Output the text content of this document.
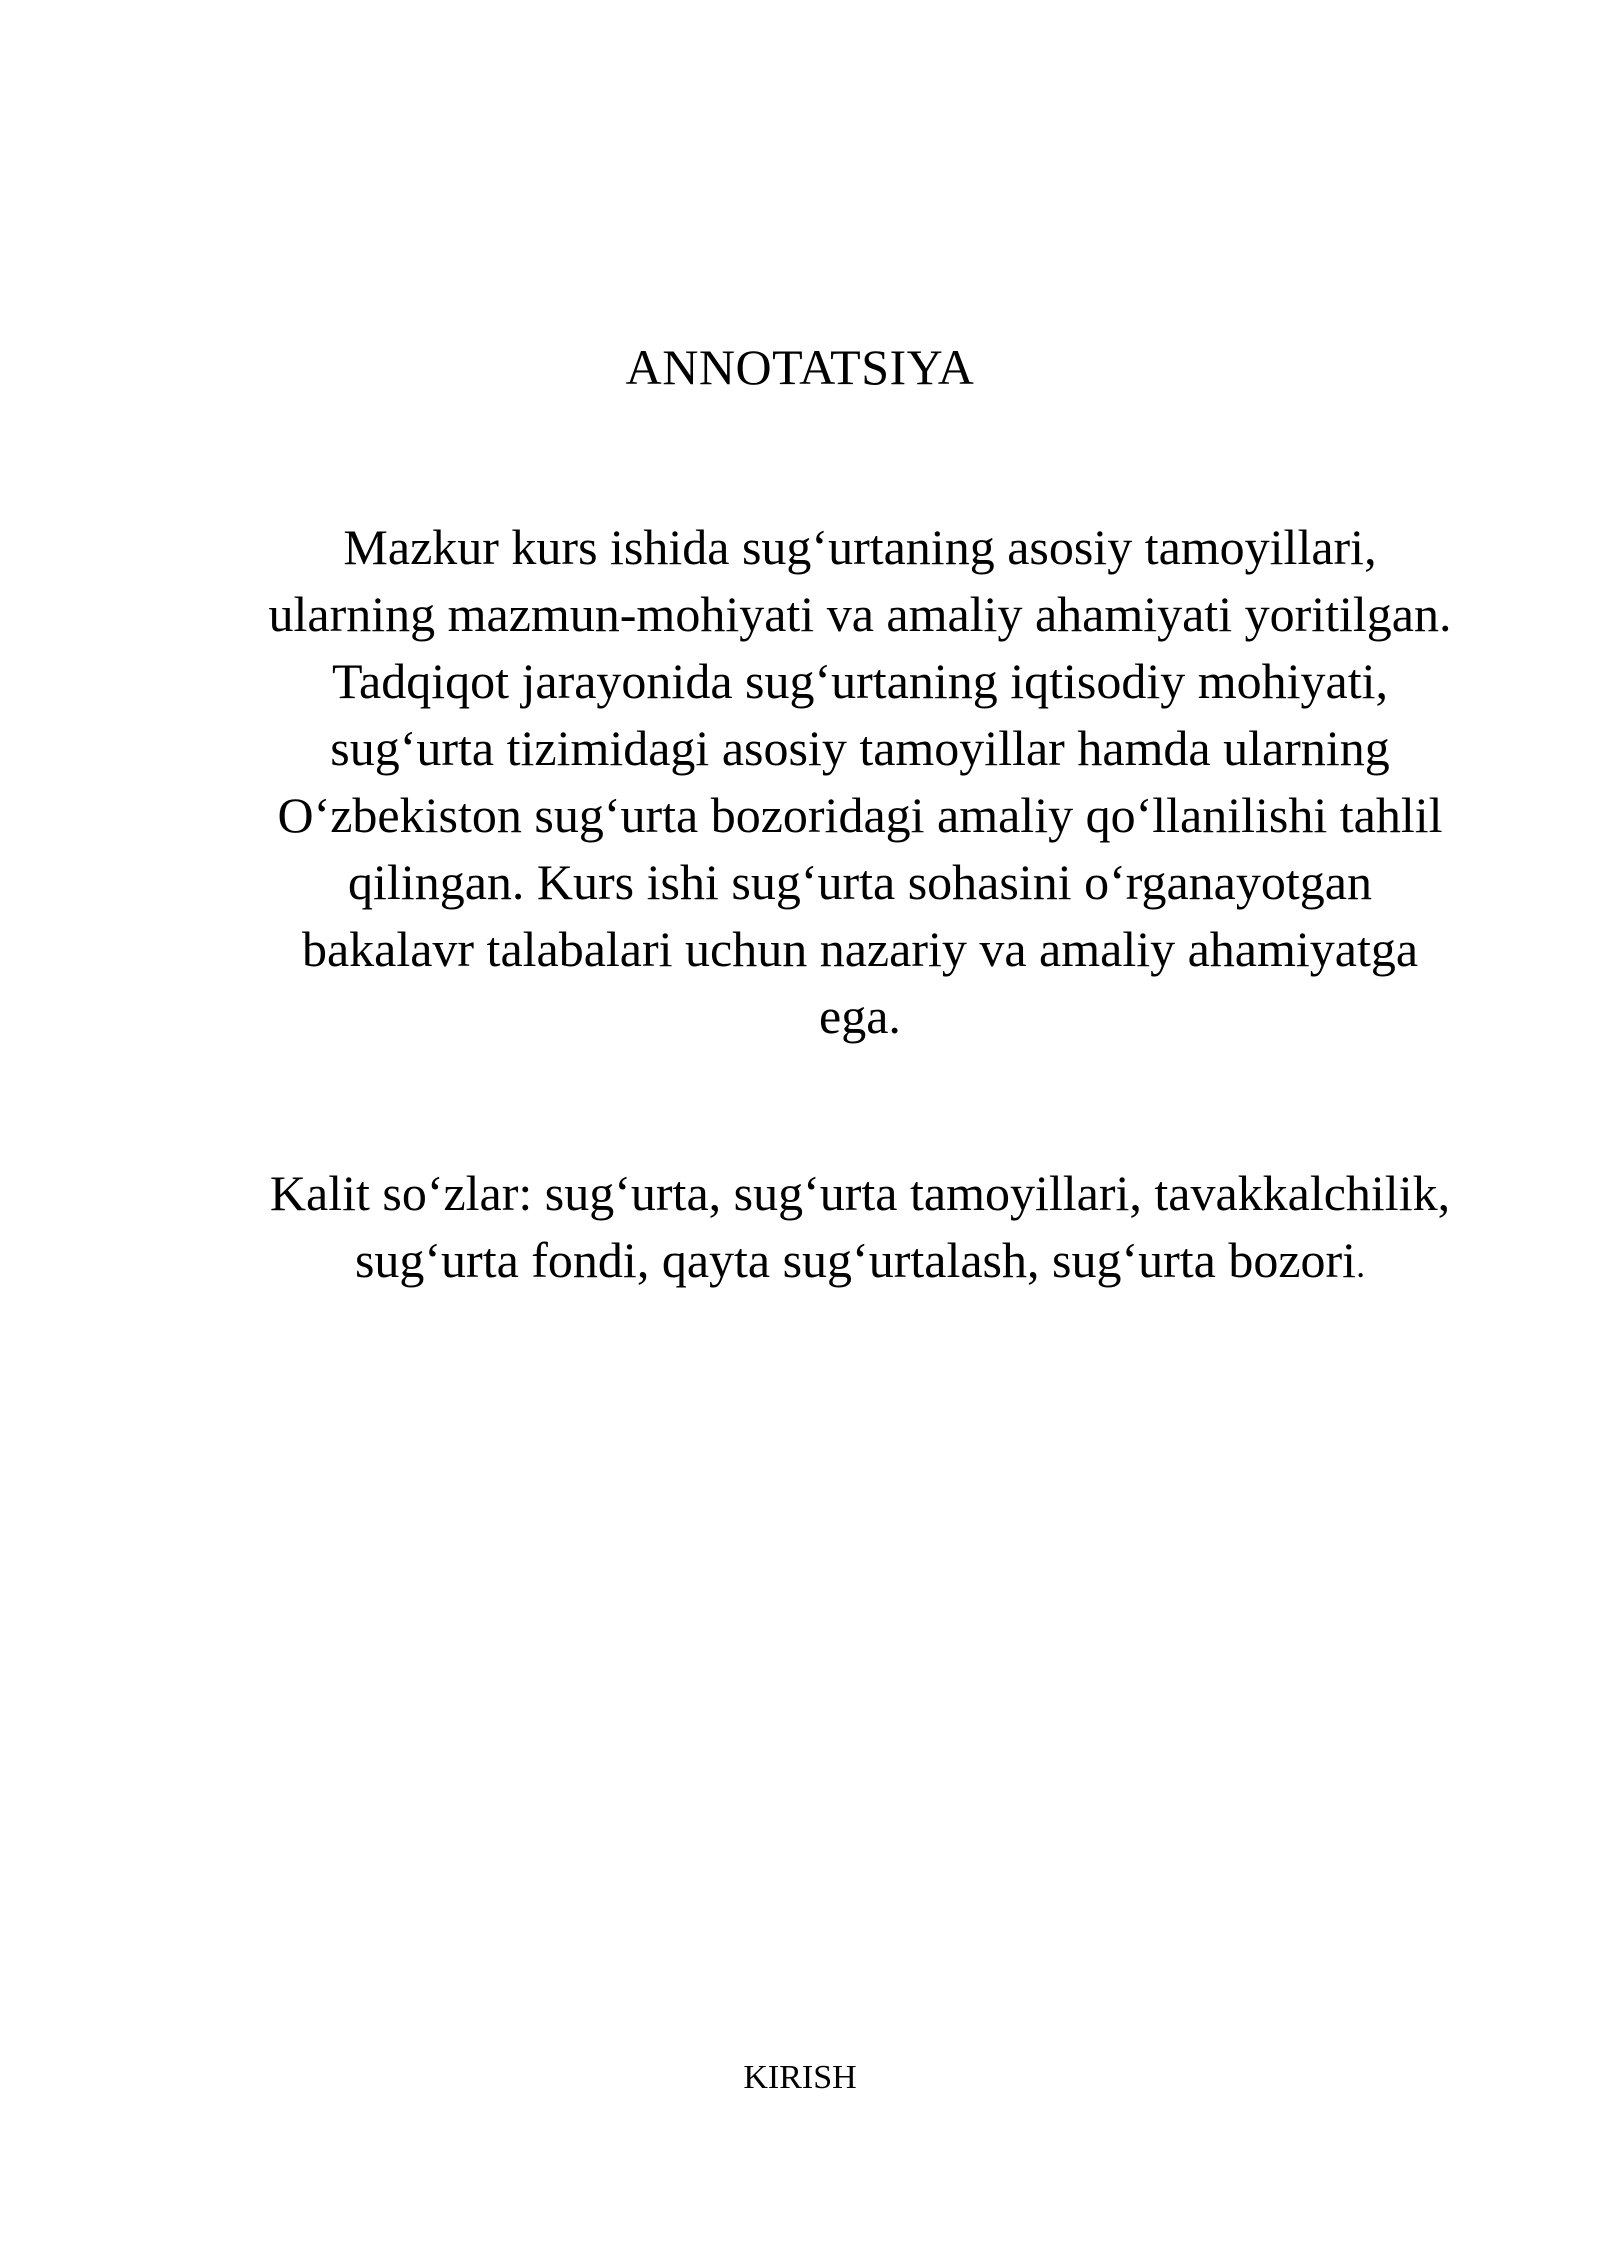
ANNOTATSIYA

Mazkur kurs ishida sug‘urtaning asosiy tamoyillari, ularning mazmun-mohiyati va amaliy ahamiyati yoritilgan. Tadqiqot jarayonida sug‘urtaning iqtisodiy mohiyati, sug‘urta tizimidagi asosiy tamoyillar hamda ularning O‘zbekiston sug‘urta bozoridagi amaliy qo‘llanilishi tahlil qilingan. Kurs ishi sug‘urta sohasini o‘rganayotgan bakalavr talabalari uchun nazariy va amaliy ahamiyatga ega.

Kalit so‘zlar: sug‘urta, sug‘urta tamoyillari, tavakkalchilik, sug‘urta fondi, qayta sug‘urtalash, sug‘urta bozori.

KIRISH
